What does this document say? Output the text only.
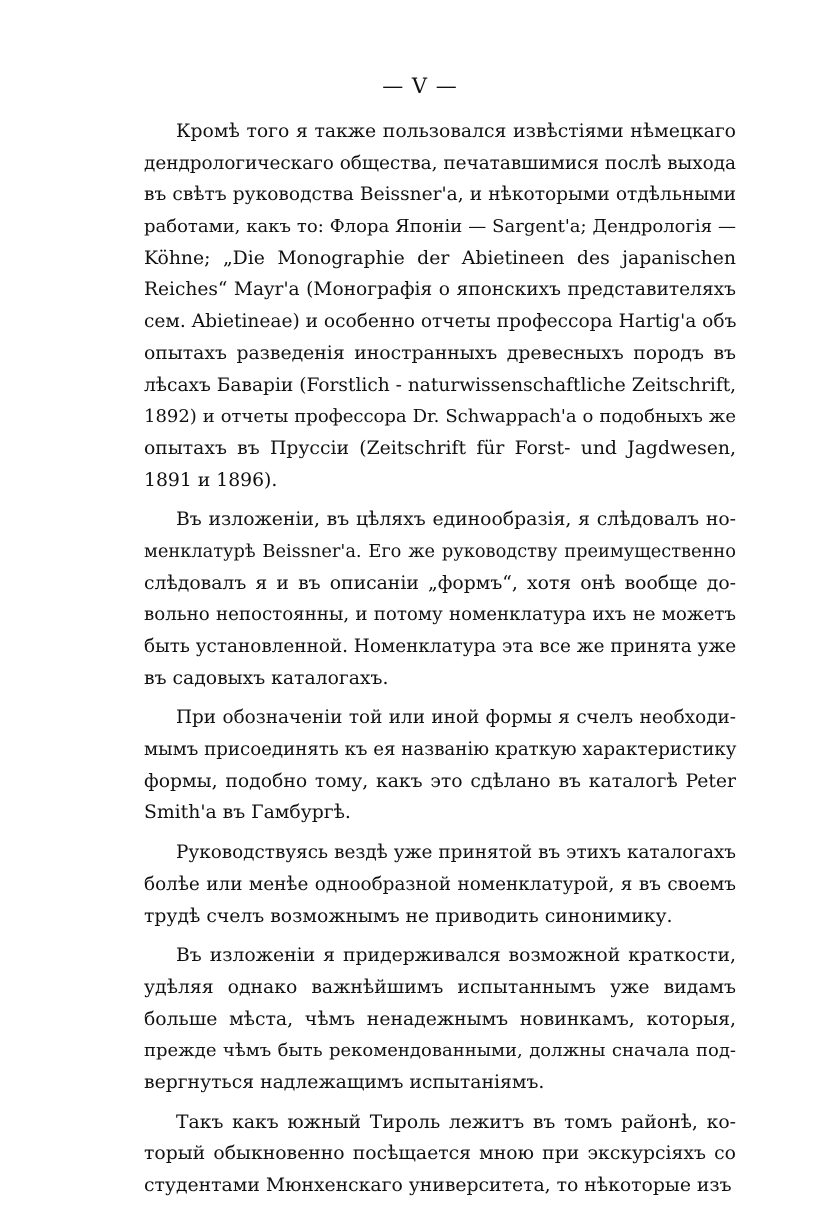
— V —
Кромѣ того я также пользовался извѣстіями нѣмецкаго
дендрологическаго общества, печатавшимися послѣ выхода
въ свѣтъ руководства Beissner'а, и нѣкоторыми отдѣльными
работами, какъ то: Флора Японіи — Sargent'а; Дендрологія —
Köhne; „Die Monographie der Abietineen des japanischen
Reiches“ Mayr'а (Монографія о японскихъ представителяхъ
сем. Abietineae) и особенно отчеты профессора Hartig'а объ
опытахъ разведенія иностранныхъ древесныхъ породъ въ
лѣсахъ Баваріи (Forstlich - naturwissenschaftliche Zeitschrift,
1892) и отчеты профессора Dr. Schwappach'а о подобныхъ же
опытахъ въ Пруссіи (Zeitschrift für Forst- und Jagdwesen,
1891 и 1896).
Въ изложеніи, въ цѣляхъ единообразія, я слѣдовалъ но-
менклатурѣ Beissner'а. Его же руководству преимущественно
слѣдовалъ я и въ описаніи „формъ“, хотя онѣ вообще до-
вольно непостоянны, и потому номенклатура ихъ не можетъ
быть установленной. Номенклатура эта все же принята уже
въ садовыхъ каталогахъ.
При обозначеніи той или иной формы я счелъ необходи-
мымъ присоединять къ ея названію краткую характеристику
формы, подобно тому, какъ это сдѣлано въ каталогѣ Peter
Smith'а въ Гамбургѣ.
Руководствуясь вездѣ уже принятой въ этихъ каталогахъ
болѣе или менѣе однообразной номенклатурой, я въ своемъ
трудѣ счелъ возможнымъ не приводить синонимику.
Въ изложеніи я придерживался возможной краткости,
удѣляя однако важнѣйшимъ испытаннымъ уже видамъ
больше мѣста, чѣмъ ненадежнымъ новинкамъ, которыя,
прежде чѣмъ быть рекомендованными, должны сначала под-
вергнуться надлежащимъ испытаніямъ.
Такъ какъ южный Тироль лежитъ въ томъ районѣ, ко-
торый обыкновенно посѣщается мною при экскурсіяхъ со
студентами Мюнхенскаго университета, то нѣкоторые изъ
